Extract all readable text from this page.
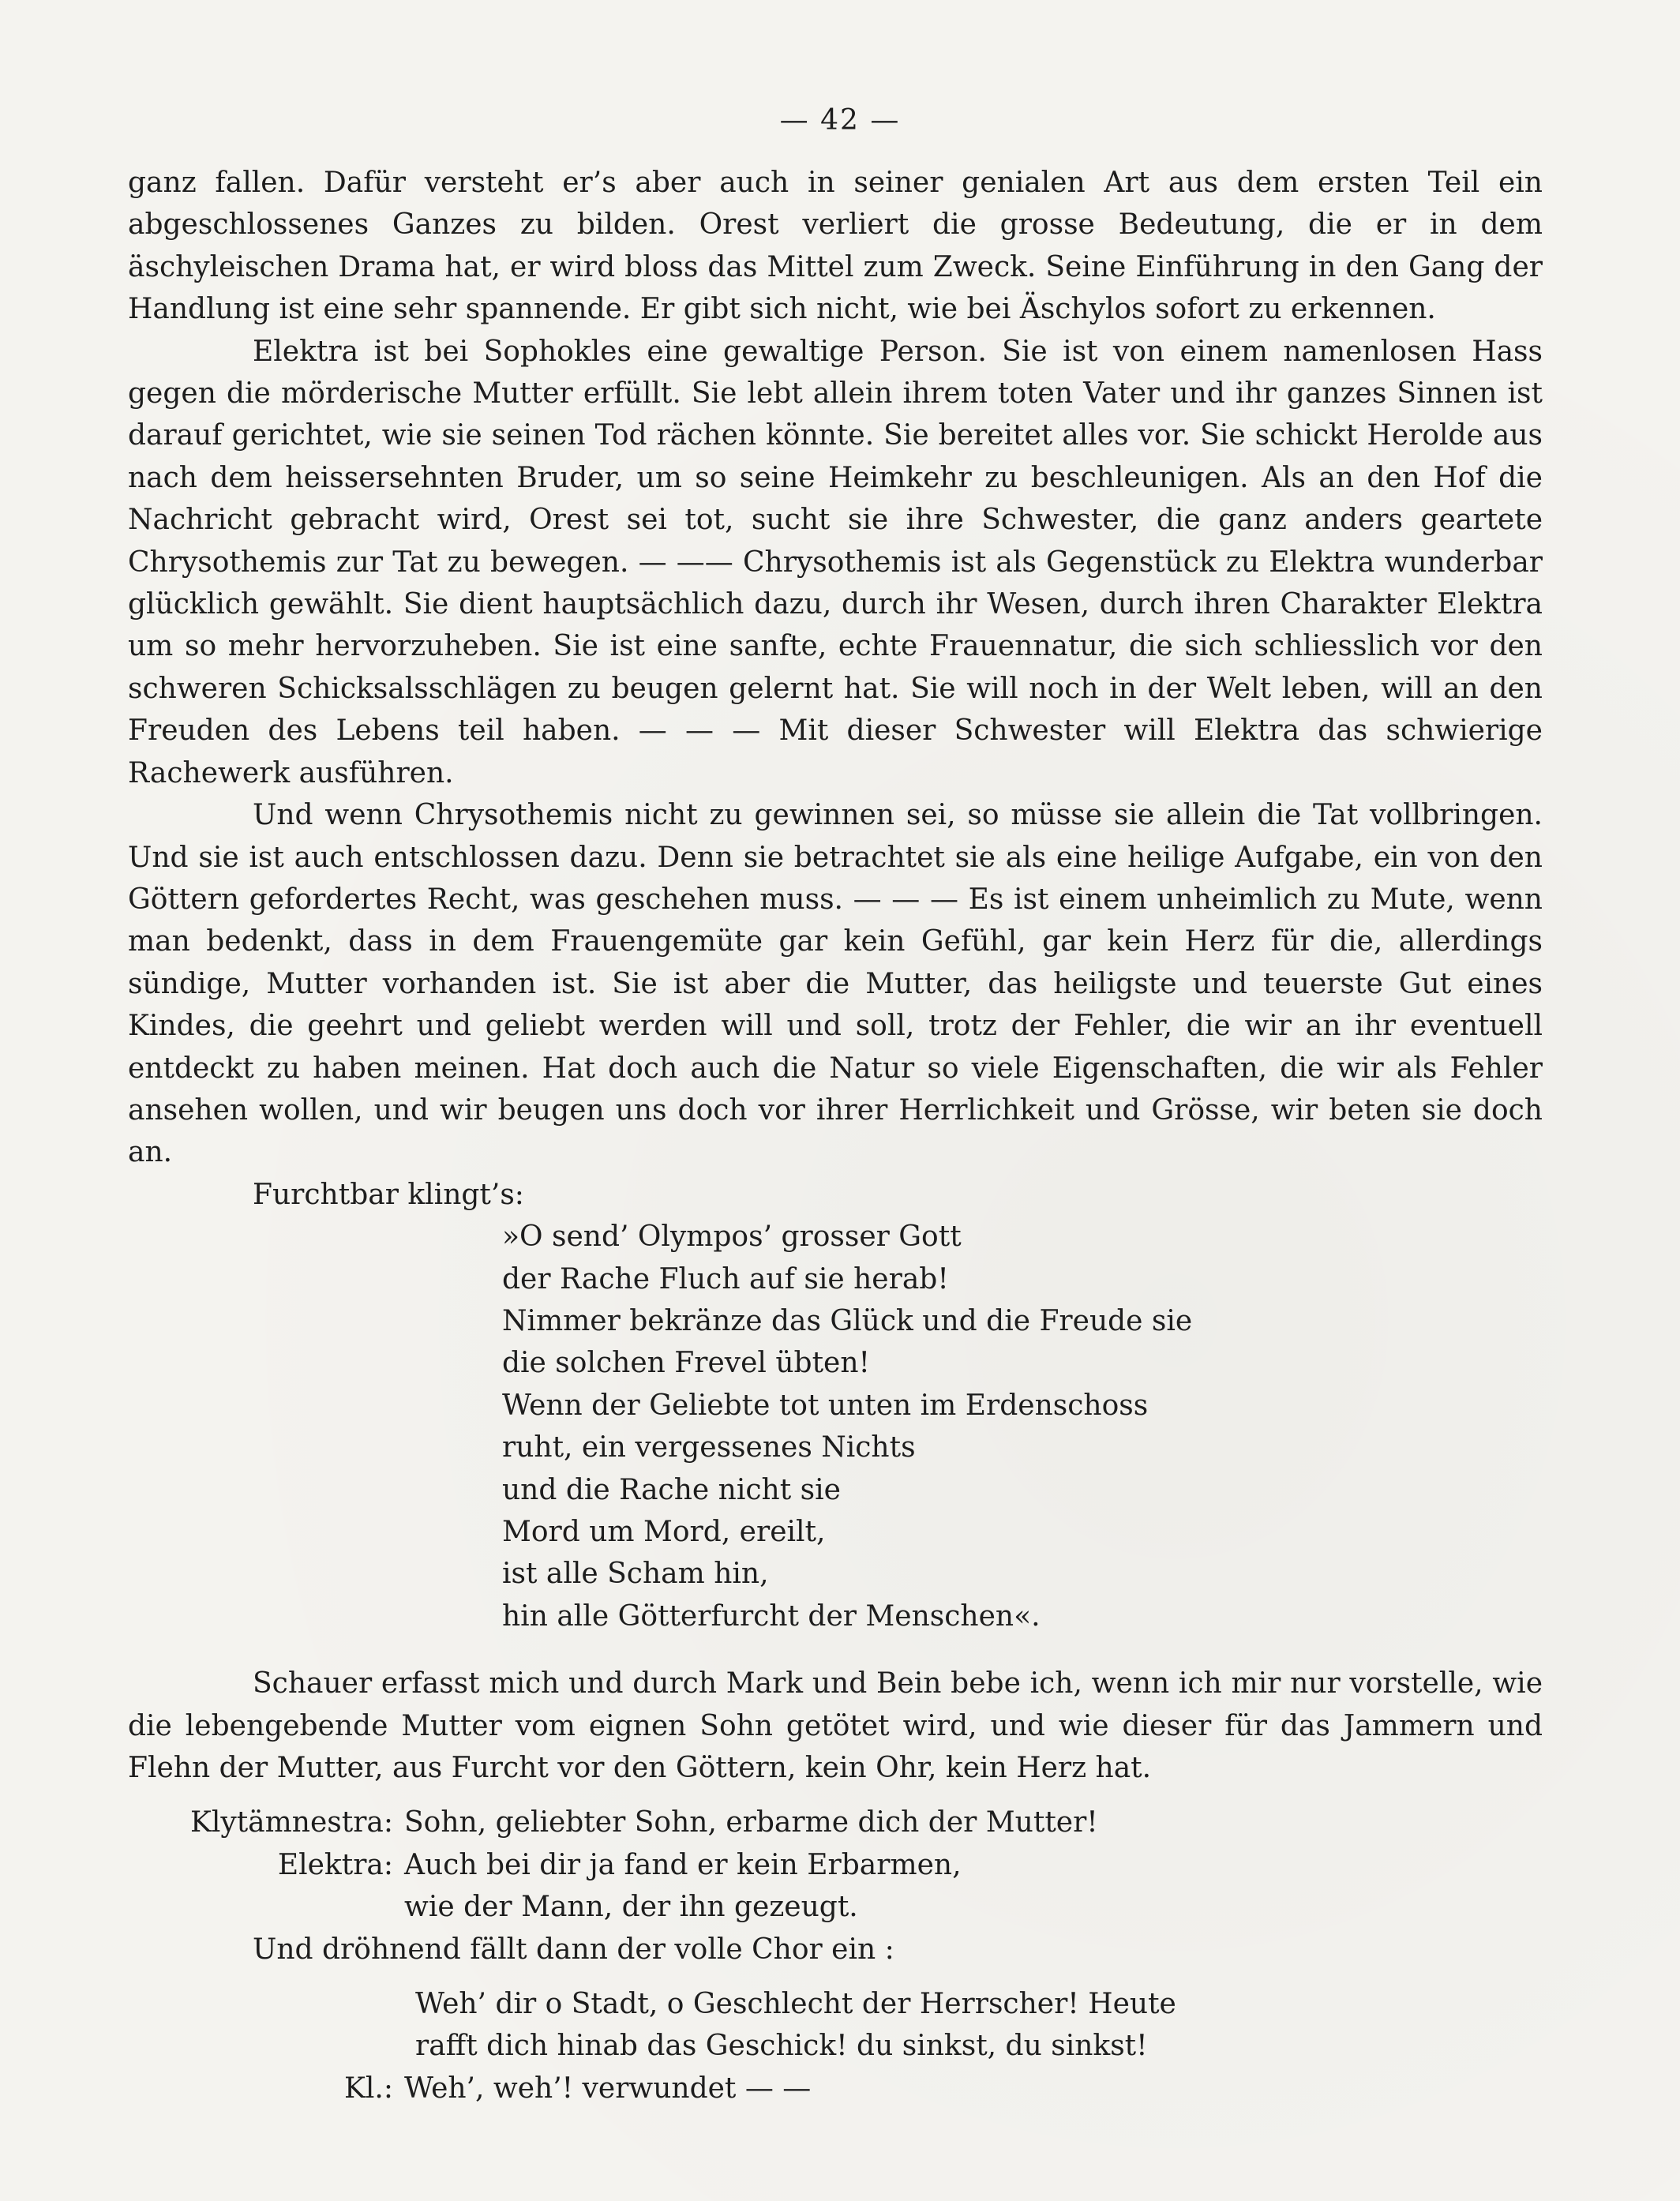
— 42 —

ganz fallen. Dafür versteht er’s aber auch in seiner genialen Art aus dem ersten Teil ein abgeschlossenes Ganzes zu bilden. Orest verliert die grosse Bedeutung, die er in dem äschyleischen Drama hat, er wird bloss das Mittel zum Zweck. Seine Einführung in den Gang der Handlung ist eine sehr spannende. Er gibt sich nicht, wie bei Äschylos sofort zu erkennen.

Elektra ist bei Sophokles eine gewaltige Person. Sie ist von einem namenlosen Hass gegen die mörderische Mutter erfüllt. Sie lebt allein ihrem toten Vater und ihr ganzes Sinnen ist darauf gerichtet, wie sie seinen Tod rächen könnte. Sie bereitet alles vor. Sie schickt Herolde aus nach dem heissersehnten Bruder, um so seine Heimkehr zu beschleunigen. Als an den Hof die Nachricht gebracht wird, Orest sei tot, sucht sie ihre Schwester, die ganz anders geartete Chrysothemis zur Tat zu bewegen. — —— Chrysothemis ist als Gegenstück zu Elektra wunderbar glücklich gewählt. Sie dient hauptsächlich dazu, durch ihr Wesen, durch ihren Charakter Elektra um so mehr hervorzuheben. Sie ist eine sanfte, echte Frauennatur, die sich schliesslich vor den schweren Schicksalsschlägen zu beugen gelernt hat. Sie will noch in der Welt leben, will an den Freuden des Lebens teil haben. — — — Mit dieser Schwester will Elektra das schwierige Rachewerk ausführen.

Und wenn Chrysothemis nicht zu gewinnen sei, so müsse sie allein die Tat vollbringen. Und sie ist auch entschlossen dazu. Denn sie betrachtet sie als eine heilige Aufgabe, ein von den Göttern gefordertes Recht, was geschehen muss. — — — Es ist einem unheimlich zu Mute, wenn man bedenkt, dass in dem Frauengemüte gar kein Gefühl, gar kein Herz für die, allerdings sündige, Mutter vorhanden ist. Sie ist aber die Mutter, das heiligste und teuerste Gut eines Kindes, die geehrt und geliebt werden will und soll, trotz der Fehler, die wir an ihr eventuell entdeckt zu haben meinen. Hat doch auch die Natur so viele Eigenschaften, die wir als Fehler ansehen wollen, und wir beugen uns doch vor ihrer Herrlichkeit und Grösse, wir beten sie doch an.

Furchtbar klingt’s:

»O send’ Olympos’ grosser Gott
der Rache Fluch auf sie herab!
Nimmer bekränze das Glück und die Freude sie
die solchen Frevel übten!
Wenn der Geliebte tot unten im Erdenschoss
ruht, ein vergessenes Nichts
und die Rache nicht sie
Mord um Mord, ereilt,
ist alle Scham hin,
hin alle Götterfurcht der Menschen«.

Schauer erfasst mich und durch Mark und Bein bebe ich, wenn ich mir nur vorstelle, wie die lebengebende Mutter vom eignen Sohn getötet wird, und wie dieser für das Jammern und Flehn der Mutter, aus Furcht vor den Göttern, kein Ohr, kein Herz hat.

Klytämnestra: Sohn, geliebter Sohn, erbarme dich der Mutter!
Elektra: Auch bei dir ja fand er kein Erbarmen,
wie der Mann, der ihn gezeugt.

Und dröhnend fällt dann der volle Chor ein :

Weh’ dir o Stadt, o Geschlecht der Herrscher! Heute
rafft dich hinab das Geschick! du sinkst, du sinkst!
Kl.: Weh’, weh’! verwundet — —
